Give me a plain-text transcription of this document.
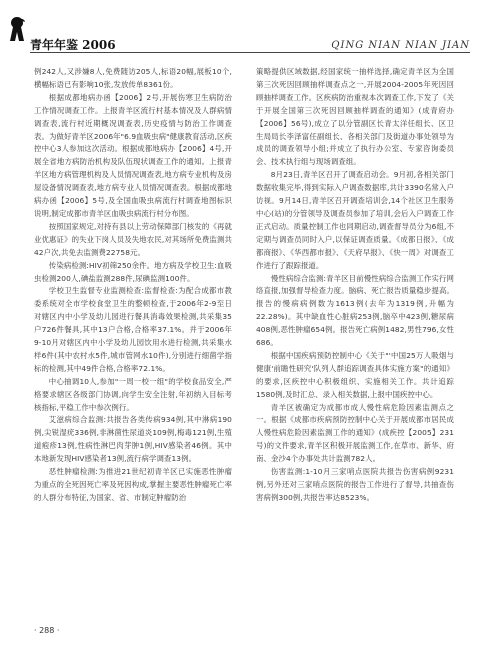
青年年鉴 2006	QING NIAN NIAN JIAN

例242人,又涉嫌8人,免费随访205人,标语20幅,展板10个,横幅标语已有影响10张,发放传单8361份。

根据成都地病办函【2006】2号,开展伤寒卫生病防治工作情况调查工作。上报青羊区流行村基本情况及人群病情调查表,流行村近期概况调查表,历史疫情与防治工作调查表。为做好青羊区2006年"6.9血吸虫病"健康教育活动,区疾控中心3人参加这次活动。根据成都地病办【2006】4号,开展全省地方病防治机构及队伍现状调查工作的通知。上报青羊区地方病管理机构及人员情况调查表,地方病专业机构及房屋设备情况调查表,地方病专业人员情况调查表。根据成都地病办函【2006】5号,及全国血吸虫病流行村调查地图标识说明,制定成都市青羊区血吸虫病流行村分布图。

按照国家规定,对持有县以上劳动保障部门核发的《再就业优惠证》的失业下岗人员及失地农民,对其场所免费监测共42户次,共免去监测费22758元。

传染病检测:HIV初筛250余件。地方病及学校卫生:血吸虫检测200人,碘盐监测288件,尿碘监测100件。

学校卫生监督专业监测检查:监督检查:为配合成都市教委系统对全市学校食堂卫生的整顿检查,于2006年2-9至日对辖区内中小学及幼儿园进行餐具消毒效果检测,共采集35户726件餐具,其中13户合格,合格率37.1%。并于2006年9-10月对辖区内中小学及幼儿园饮用水进行检测,共采集水样6件(其中农村水5件,城市管网水10件),分别进行细菌学指标的检测,其中49件合格,合格率72.1%。

中心抽调10人,参加"一周一校一组"的学校食品安全,严格要求辖区各级部门协调,向学生安全注射,年初纳入目标考核指标,平稳工作中参次例行。

艾滋病综合监测:共报告各类传病934例,其中淋病190例,尖锐湿疣336例,非淋菌性尿道炎109例,梅毒121例,生殖道疱疹13例,性病性淋巴肉芽肿1例,HIV感染者46例。其中本地新发现HIV感染者13例,流行病学调查13例。

恶性肿瘤检测:为推进21世纪初青羊区已实施恶性肿瘤为重点的全死因死亡率及死因构成,掌握主要恶性肿瘤死亡率的人群分布特征,为国家、省、市制定肿瘤防治

策略提供区域数据,经国家统一抽样选择,确定青羊区为全国第三次死因回顾抽样调查点之一,开展2004-2005年死因回顾抽样调查工作。区疾病防治重视本次调查工作,下发了《关于开展全国第三次死因回顾抽样调查的通知》(成青府办【2006】56号),成立了以分管副区长青太洋任组长、区卫生局局长李泽富任副组长、各相关部门及街道办事处领导为成员的调查领导小组;并成立了执行办公室、专家咨询委员会、技术执行组与现场调查组。

8月23日,青羊区召开了调查启动会。9月初,各相关部门数据收集完毕,得到实际入户调查数据库,共计3390名常入户访视。9月14日,青羊区召开调查培训会,14个社区卫生服务中心(站)的分管领导及调查员参加了培训,会后入户调查工作正式启动。质量控制工作也同期启动,调查督导员分为6组,不定期与调查员同时入户,以保证调查质量。《成都日报》、《成都商报》、《华西都市报》、《天府早报》、《快一周》对调查工作进行了跟踪报道。

慢性病综合监测:青羊区目前慢性病综合监测工作实行网络直报,加强督导检查力度。脑病、死亡报告质量稳步提高。报告的慢病病例数为1613例(去年为1319例,升幅为22.28%)。其中缺血性心脏病253例,脑卒中423例,糖尿病408例,恶性肿瘤654例。报告死亡病例1482,男性796,女性686。

根据中国疾病预防控制中心《关于"'中国25万人吸烟与健康'前瞻性研究'队列人群追踪调查具体实施方案"的通知》的要求,区疾控中心积极组织、实施相关工作。共计追踪1580例,及时汇总、录入相关数据,上报中国疾控中心。

青羊区被确定为成都市成人慢性病危险因素监测点之一。根据《成都市疾病预防控制中心关于开展成都市居民成人慢性病危险因素监测工作的通知》(成疾控【2005】231号)的文件要求,青羊区积极开展监测工作,在草市、新华、府南、金沙4个办事处共计监测782人。

伤害监测:1-10月三家哨点医院共报告伤害病例9231例,另外还对三家哨点医院的报告工作进行了督导,共抽查伤害病例300例,共报告率达8523%。

· 288 ·
